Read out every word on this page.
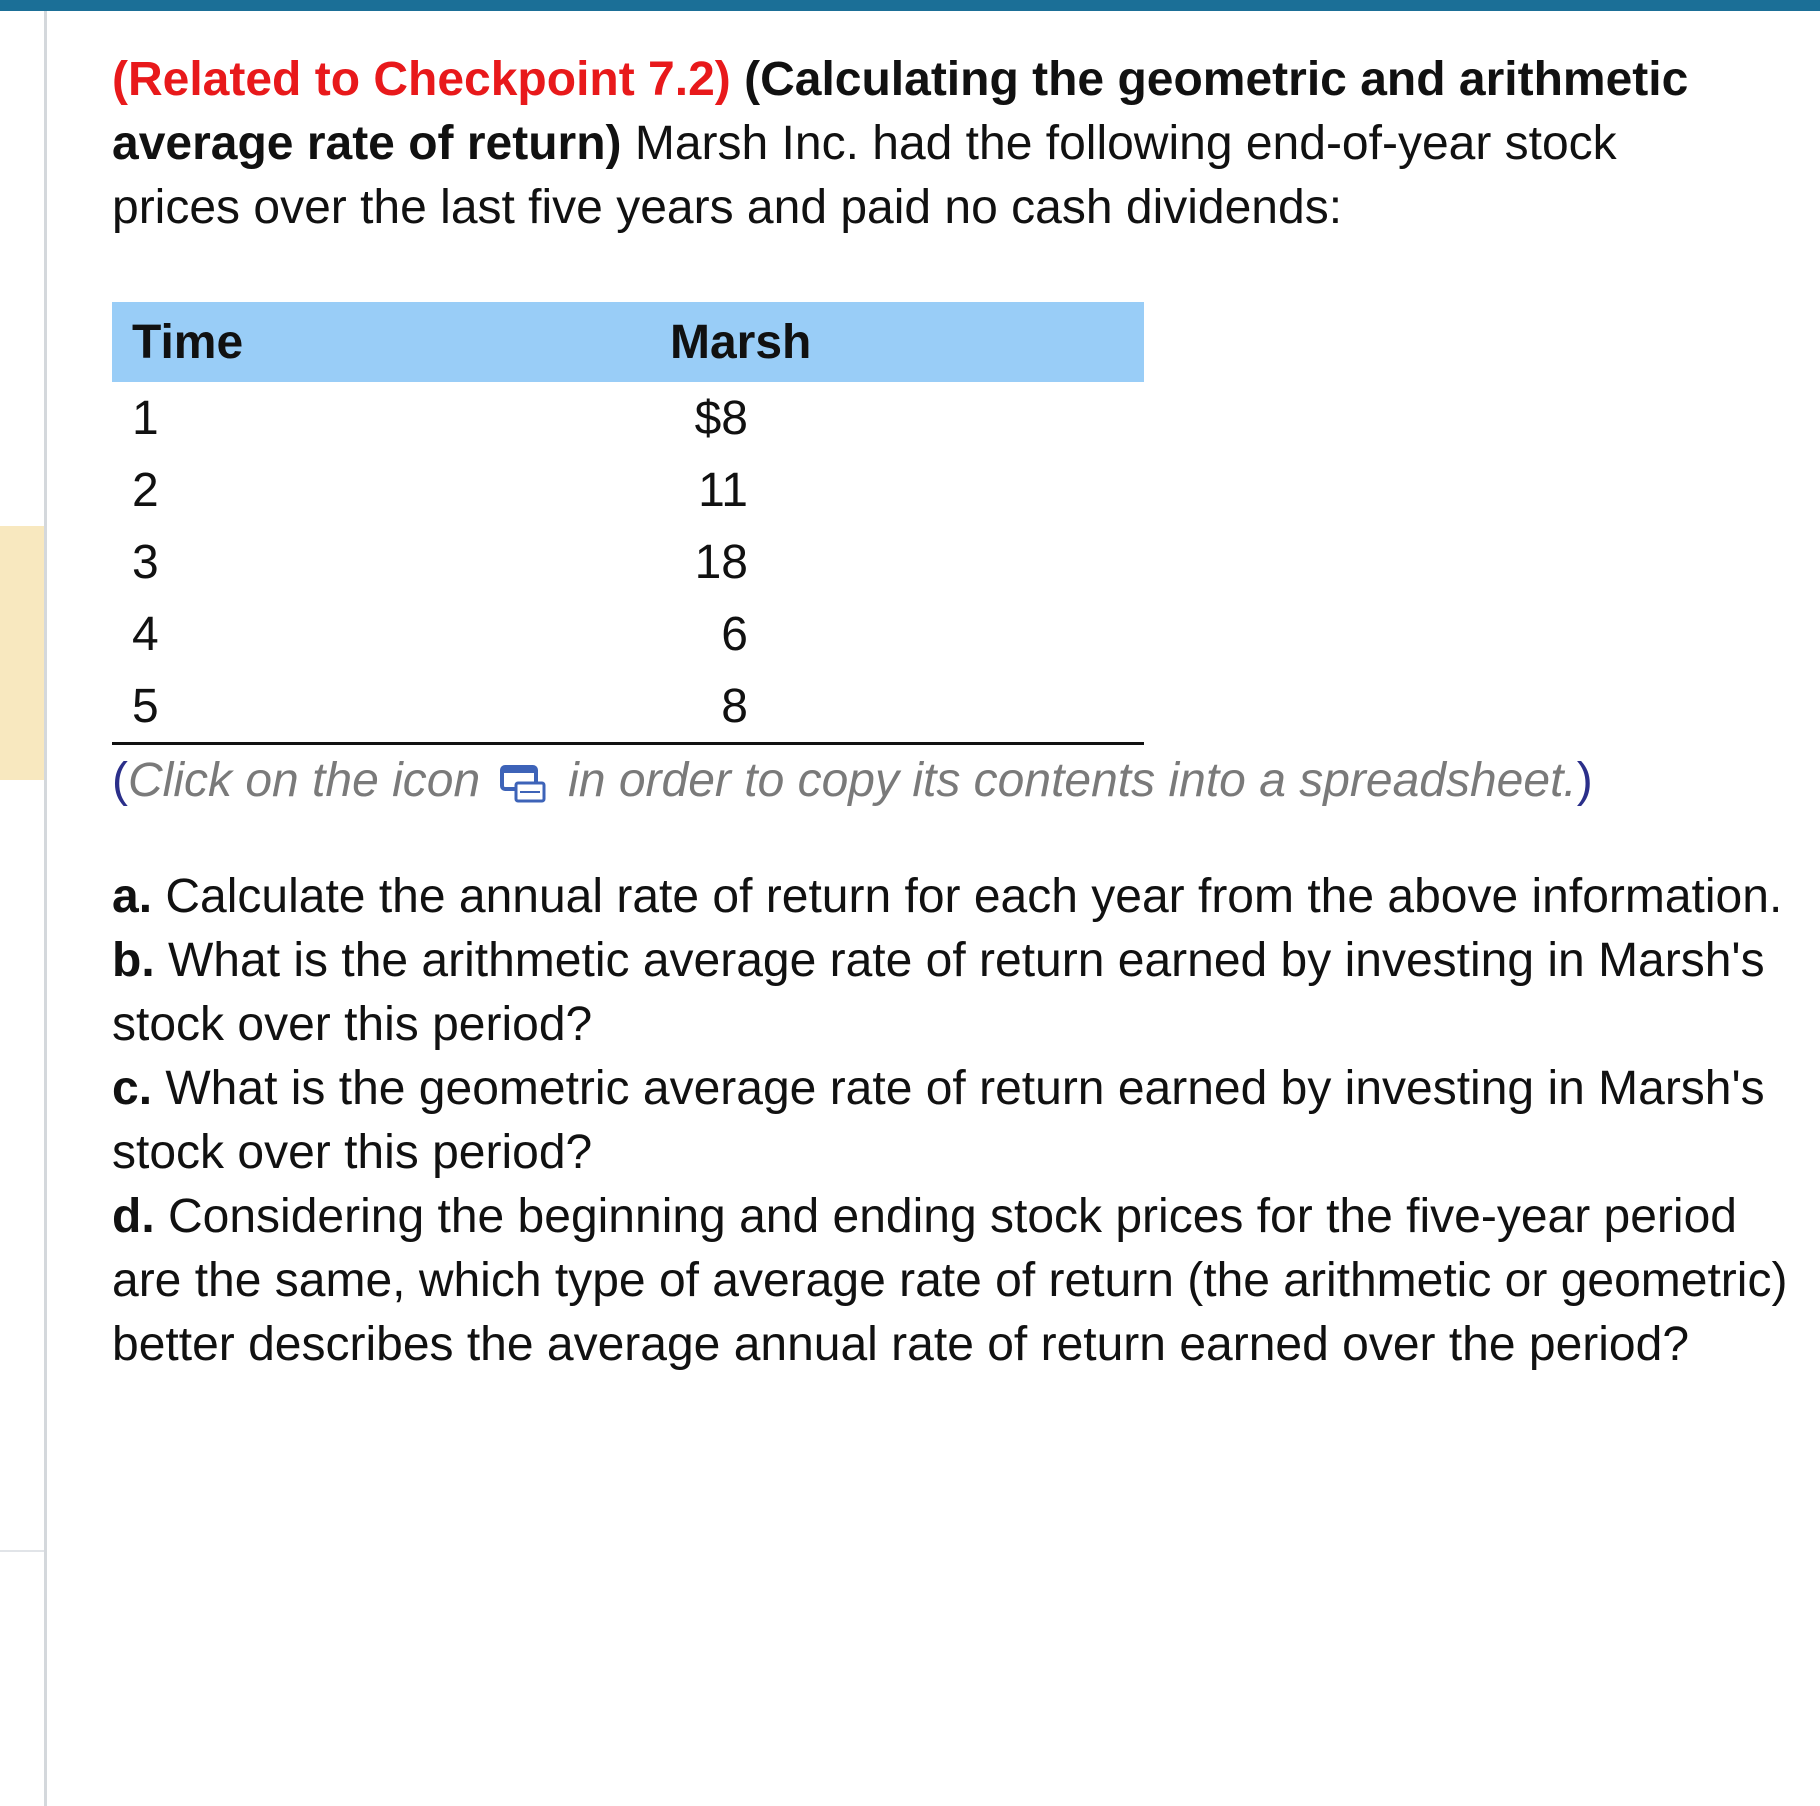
(Related to Checkpoint 7.2) (Calculating the geometric and arithmetic average rate of return) Marsh Inc. had the following end-of-year stock prices over the last five years and paid no cash dividends:

Time	Marsh	
1	$8	
2	11	
3	18	
4	6	
5	8	
(Click on the icon in order to copy its contents into a spreadsheet.)

a. Calculate the annual rate of return for each year from the above information.

b. What is the arithmetic average rate of return earned by investing in Marsh's stock over this period?

c. What is the geometric average rate of return earned by investing in Marsh's stock over this period?

d. Considering the beginning and ending stock prices for the five-year period are the same, which type of average rate of return (the arithmetic or geometric) better describes the average annual rate of return earned over the period?
